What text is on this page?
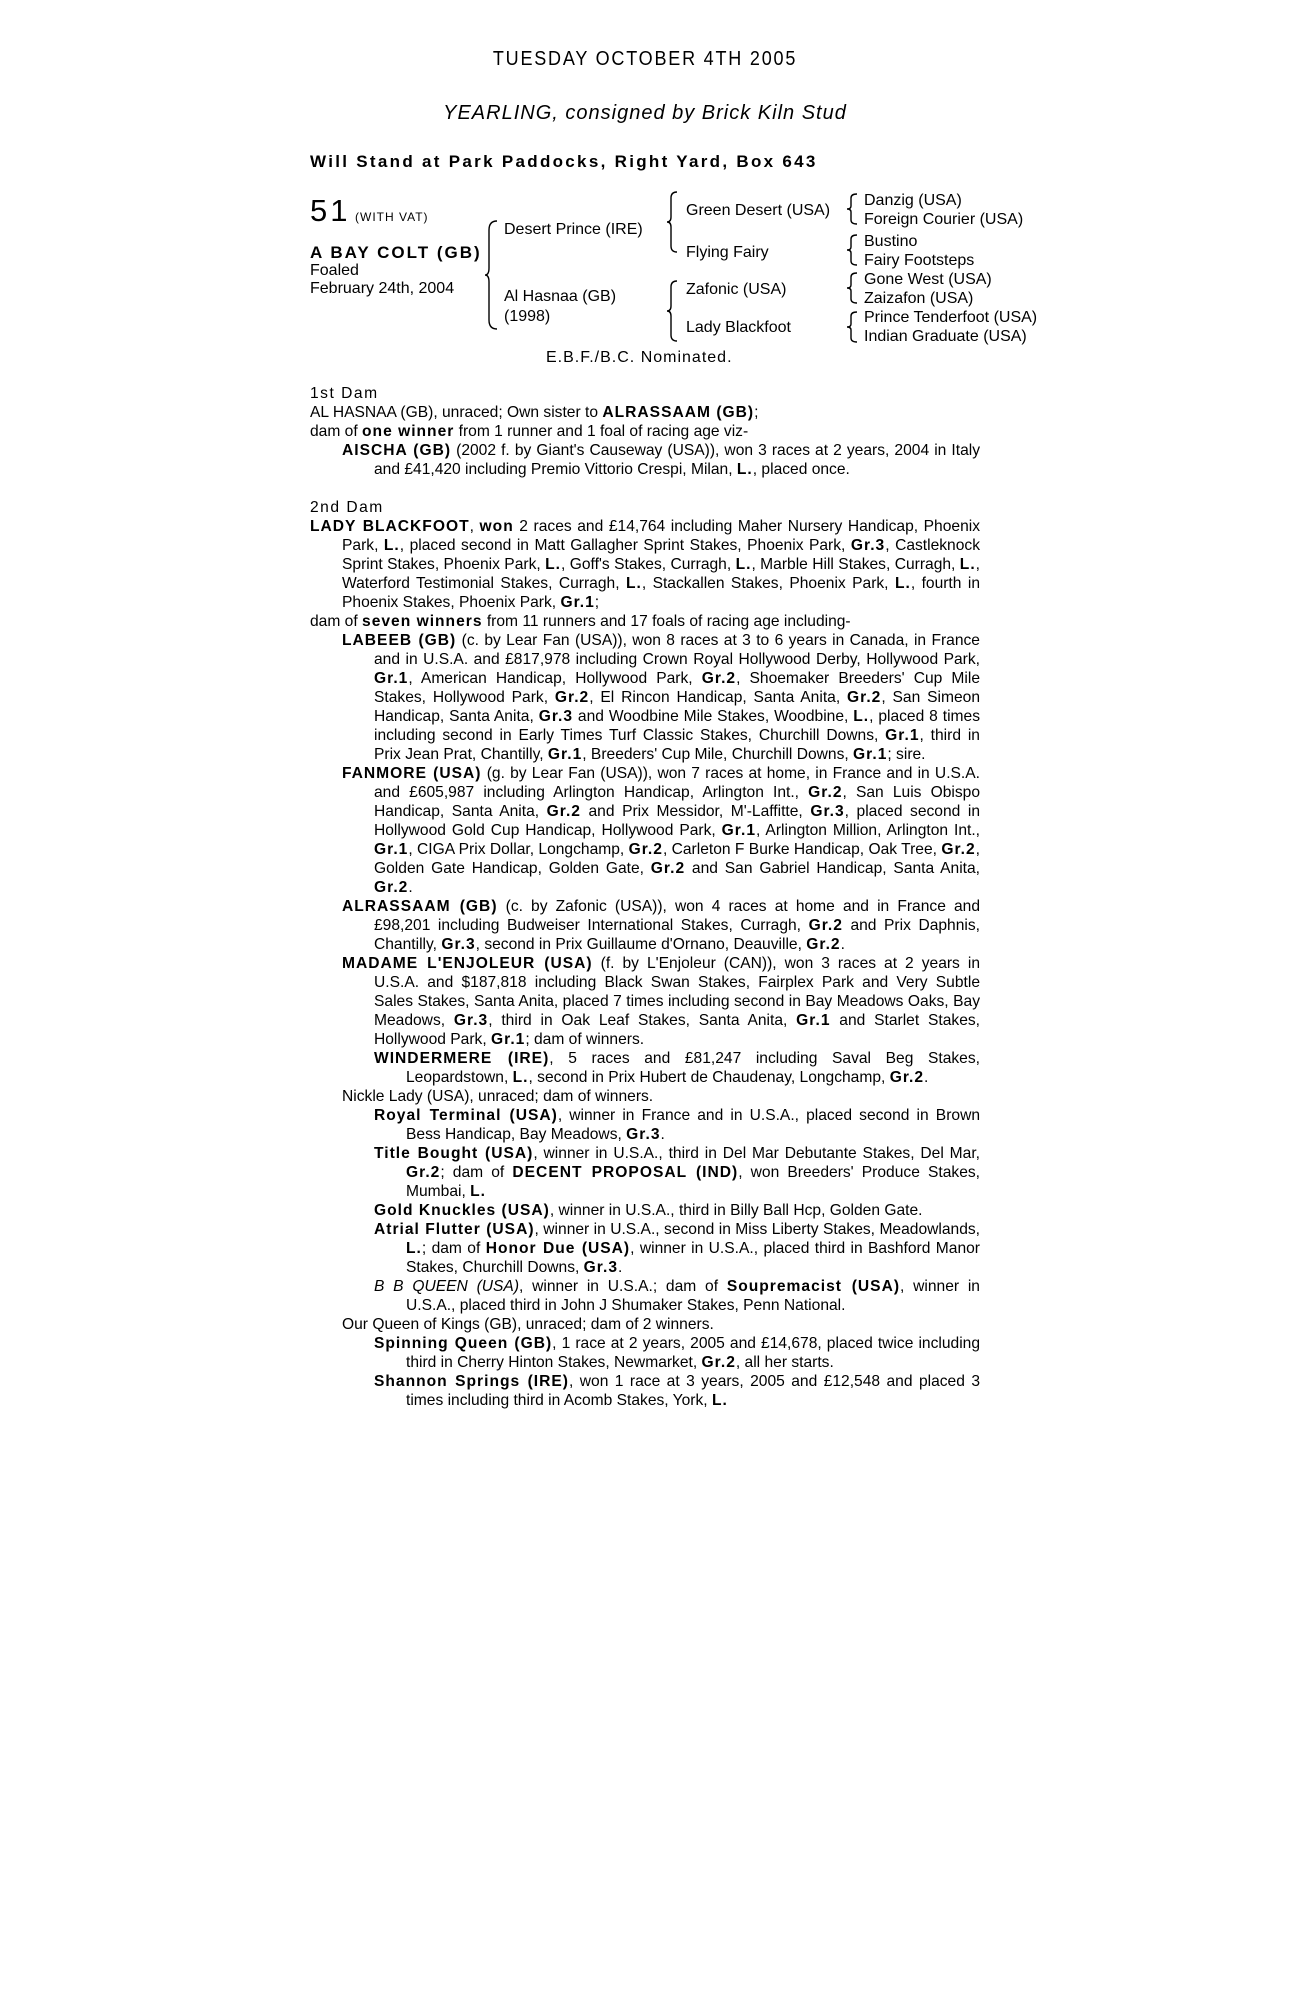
TUESDAY OCTOBER 4TH 2005
YEARLING, consigned by Brick Kiln Stud
Will Stand at Park Paddocks, Right Yard, Box 643
51 (WITH VAT)
A BAY COLT (GB)
Foaled
February 24th, 2004
Desert Prince (IRE)
Al Hasnaa (GB)
(1998)
Green Desert (USA)
Flying Fairy
Zafonic (USA)
Lady Blackfoot
Danzig (USA)
Foreign Courier (USA)
Bustino
Fairy Footsteps
Gone West (USA)
Zaizafon (USA)
Prince Tenderfoot (USA)
Indian Graduate (USA)
E.B.F./B.C. Nominated.

1st Dam

AL HASNAA (GB), unraced; Own sister to ALRASSAAM (GB);

dam of one winner from 1 runner and 1 foal of racing age viz-

AISCHA (GB) (2002 f. by Giant's Causeway (USA)), won 3 races at 2 years, 2004 in Italy and £41,420 including Premio Vittorio Crespi, Milan, L., placed once.

2nd Dam

LADY BLACKFOOT, won 2 races and £14,764 including Maher Nursery Handicap, Phoenix Park, L., placed second in Matt Gallagher Sprint Stakes, Phoenix Park, Gr.3, Castleknock Sprint Stakes, Phoenix Park, L., Goff's Stakes, Curragh, L., Marble Hill Stakes, Curragh, L., Waterford Testimonial Stakes, Curragh, L., Stackallen Stakes, Phoenix Park, L., fourth in Phoenix Stakes, Phoenix Park, Gr.1;

dam of seven winners from 11 runners and 17 foals of racing age including-

LABEEB (GB) (c. by Lear Fan (USA)), won 8 races at 3 to 6 years in Canada, in France and in U.S.A. and £817,978 including Crown Royal Hollywood Derby, Hollywood Park, Gr.1, American Handicap, Hollywood Park, Gr.2, Shoemaker Breeders' Cup Mile Stakes, Hollywood Park, Gr.2, El Rincon Handicap, Santa Anita, Gr.2, San Simeon Handicap, Santa Anita, Gr.3 and Woodbine Mile Stakes, Woodbine, L., placed 8 times including second in Early Times Turf Classic Stakes, Churchill Downs, Gr.1, third in Prix Jean Prat, Chantilly, Gr.1, Breeders' Cup Mile, Churchill Downs, Gr.1; sire.

FANMORE (USA) (g. by Lear Fan (USA)), won 7 races at home, in France and in U.S.A. and £605,987 including Arlington Handicap, Arlington Int., Gr.2, San Luis Obispo Handicap, Santa Anita, Gr.2 and Prix Messidor, M'-Laffitte, Gr.3, placed second in Hollywood Gold Cup Handicap, Hollywood Park, Gr.1, Arlington Million, Arlington Int., Gr.1, CIGA Prix Dollar, Longchamp, Gr.2, Carleton F Burke Handicap, Oak Tree, Gr.2, Golden Gate Handicap, Golden Gate, Gr.2 and San Gabriel Handicap, Santa Anita, Gr.2.

ALRASSAAM (GB) (c. by Zafonic (USA)), won 4 races at home and in France and £98,201 including Budweiser International Stakes, Curragh, Gr.2 and Prix Daphnis, Chantilly, Gr.3, second in Prix Guillaume d'Ornano, Deauville, Gr.2.

MADAME L'ENJOLEUR (USA) (f. by L'Enjoleur (CAN)), won 3 races at 2 years in U.S.A. and $187,818 including Black Swan Stakes, Fairplex Park and Very Subtle Sales Stakes, Santa Anita, placed 7 times including second in Bay Meadows Oaks, Bay Meadows, Gr.3, third in Oak Leaf Stakes, Santa Anita, Gr.1 and Starlet Stakes, Hollywood Park, Gr.1; dam of winners.

WINDERMERE (IRE), 5 races and £81,247 including Saval Beg Stakes, Leopardstown, L., second in Prix Hubert de Chaudenay, Longchamp, Gr.2.

Nickle Lady (USA), unraced; dam of winners.

Royal Terminal (USA), winner in France and in U.S.A., placed second in Brown Bess Handicap, Bay Meadows, Gr.3.

Title Bought (USA), winner in U.S.A., third in Del Mar Debutante Stakes, Del Mar, Gr.2; dam of DECENT PROPOSAL (IND), won Breeders' Produce Stakes, Mumbai, L.

Gold Knuckles (USA), winner in U.S.A., third in Billy Ball Hcp, Golden Gate.

Atrial Flutter (USA), winner in U.S.A., second in Miss Liberty Stakes, Meadowlands, L.; dam of Honor Due (USA), winner in U.S.A., placed third in Bashford Manor Stakes, Churchill Downs, Gr.3.

B B QUEEN (USA), winner in U.S.A.; dam of Soupremacist (USA), winner in U.S.A., placed third in John J Shumaker Stakes, Penn National.

Our Queen of Kings (GB), unraced; dam of 2 winners.

Spinning Queen (GB), 1 race at 2 years, 2005 and £14,678, placed twice including third in Cherry Hinton Stakes, Newmarket, Gr.2, all her starts.

Shannon Springs (IRE), won 1 race at 3 years, 2005 and £12,548 and placed 3 times including third in Acomb Stakes, York, L.
